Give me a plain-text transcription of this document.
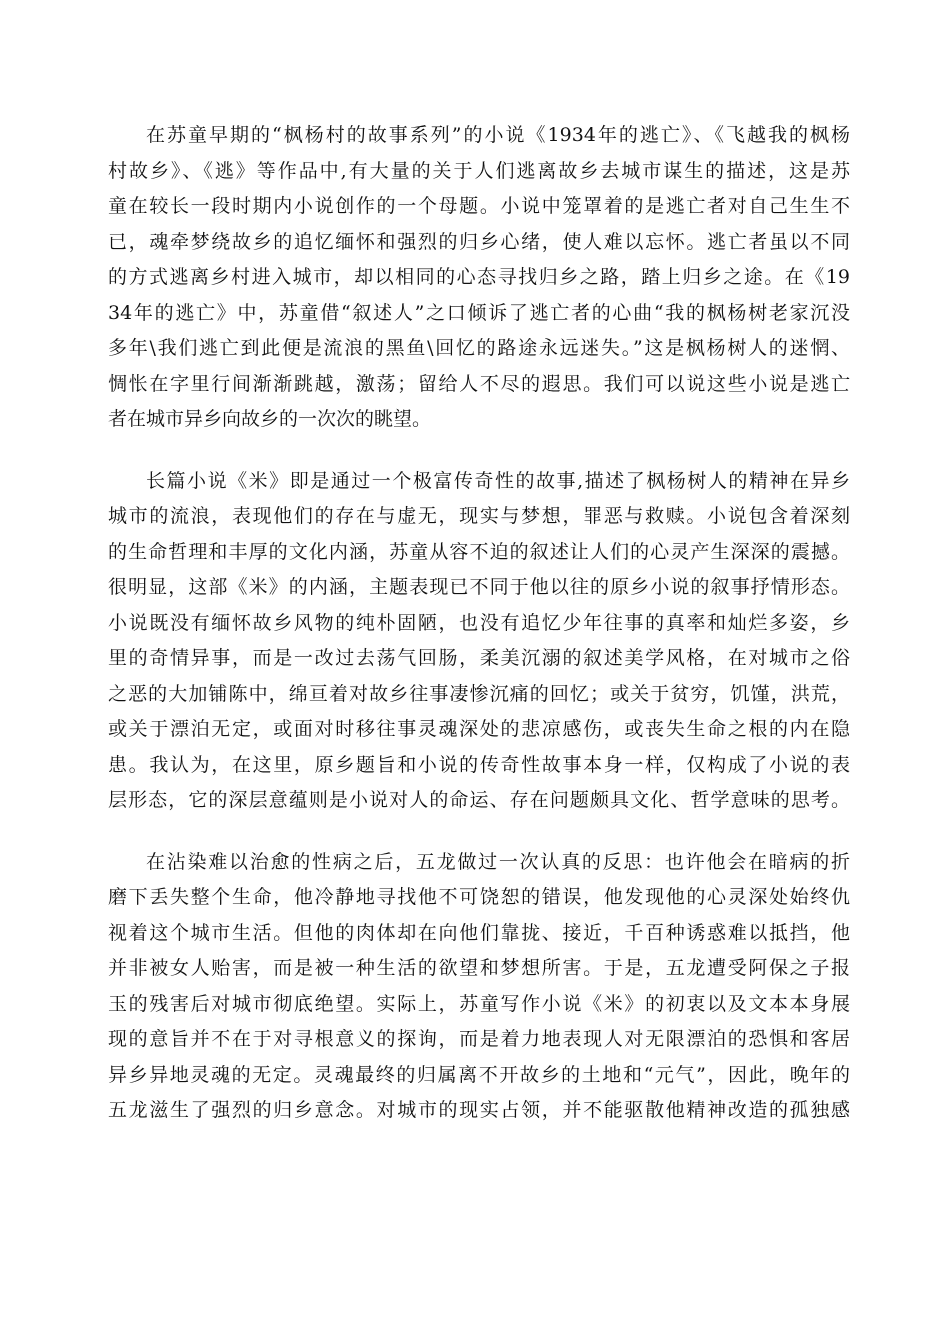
在苏童早期的“枫杨村的故事系列”的小说《1934年的逃亡》、《飞越我的枫杨
村故乡》、《逃》等作品中,有大量的关于人们逃离故乡去城市谋生的描述，这是苏
童在较长一段时期内小说创作的一个母题。小说中笼罩着的是逃亡者对自己生生不
已，魂牵梦绕故乡的追忆缅怀和强烈的归乡心绪，使人难以忘怀。逃亡者虽以不同
的方式逃离乡村进入城市，却以相同的心态寻找归乡之路，踏上归乡之途。在《19
34年的逃亡》中，苏童借“叙述人”之口倾诉了逃亡者的心曲“我的枫杨树老家沉没
多年\我们逃亡到此便是流浪的黑鱼\回忆的路途永远迷失。”这是枫杨树人的迷惘、
惆怅在字里行间渐渐跳越，激荡；留给人不尽的遐思。我们可以说这些小说是逃亡
者在城市异乡向故乡的一次次的眺望。
长篇小说《米》即是通过一个极富传奇性的故事,描述了枫杨树人的精神在异乡
城市的流浪，表现他们的存在与虚无，现实与梦想，罪恶与救赎。小说包含着深刻
的生命哲理和丰厚的文化内涵，苏童从容不迫的叙述让人们的心灵产生深深的震撼。
很明显，这部《米》的内涵，主题表现已不同于他以往的原乡小说的叙事抒情形态。
小说既没有缅怀故乡风物的纯朴固陋，也没有追忆少年往事的真率和灿烂多姿，乡
里的奇情异事，而是一改过去荡气回肠，柔美沉溺的叙述美学风格，在对城市之俗
之恶的大加铺陈中，绵亘着对故乡往事凄惨沉痛的回忆；或关于贫穷，饥馑，洪荒，
或关于漂泊无定，或面对时移往事灵魂深处的悲凉感伤，或丧失生命之根的内在隐
患。我认为，在这里，原乡题旨和小说的传奇性故事本身一样，仅构成了小说的表
层形态，它的深层意蕴则是小说对人的命运、存在问题颇具文化、哲学意味的思考。
在沾染难以治愈的性病之后，五龙做过一次认真的反思：也许他会在暗病的折
磨下丢失整个生命，他冷静地寻找他不可饶恕的错误，他发现他的心灵深处始终仇
视着这个城市生活。但他的肉体却在向他们靠拢、接近，千百种诱惑难以抵挡，他
并非被女人贻害，而是被一种生活的欲望和梦想所害。于是，五龙遭受阿保之子报
玉的残害后对城市彻底绝望。实际上，苏童写作小说《米》的初衷以及文本本身展
现的意旨并不在于对寻根意义的探询，而是着力地表现人对无限漂泊的恐惧和客居
异乡异地灵魂的无定。灵魂最终的归属离不开故乡的土地和“元气”，因此，晚年的
五龙滋生了强烈的归乡意念。对城市的现实占领，并不能驱散他精神改造的孤独感
